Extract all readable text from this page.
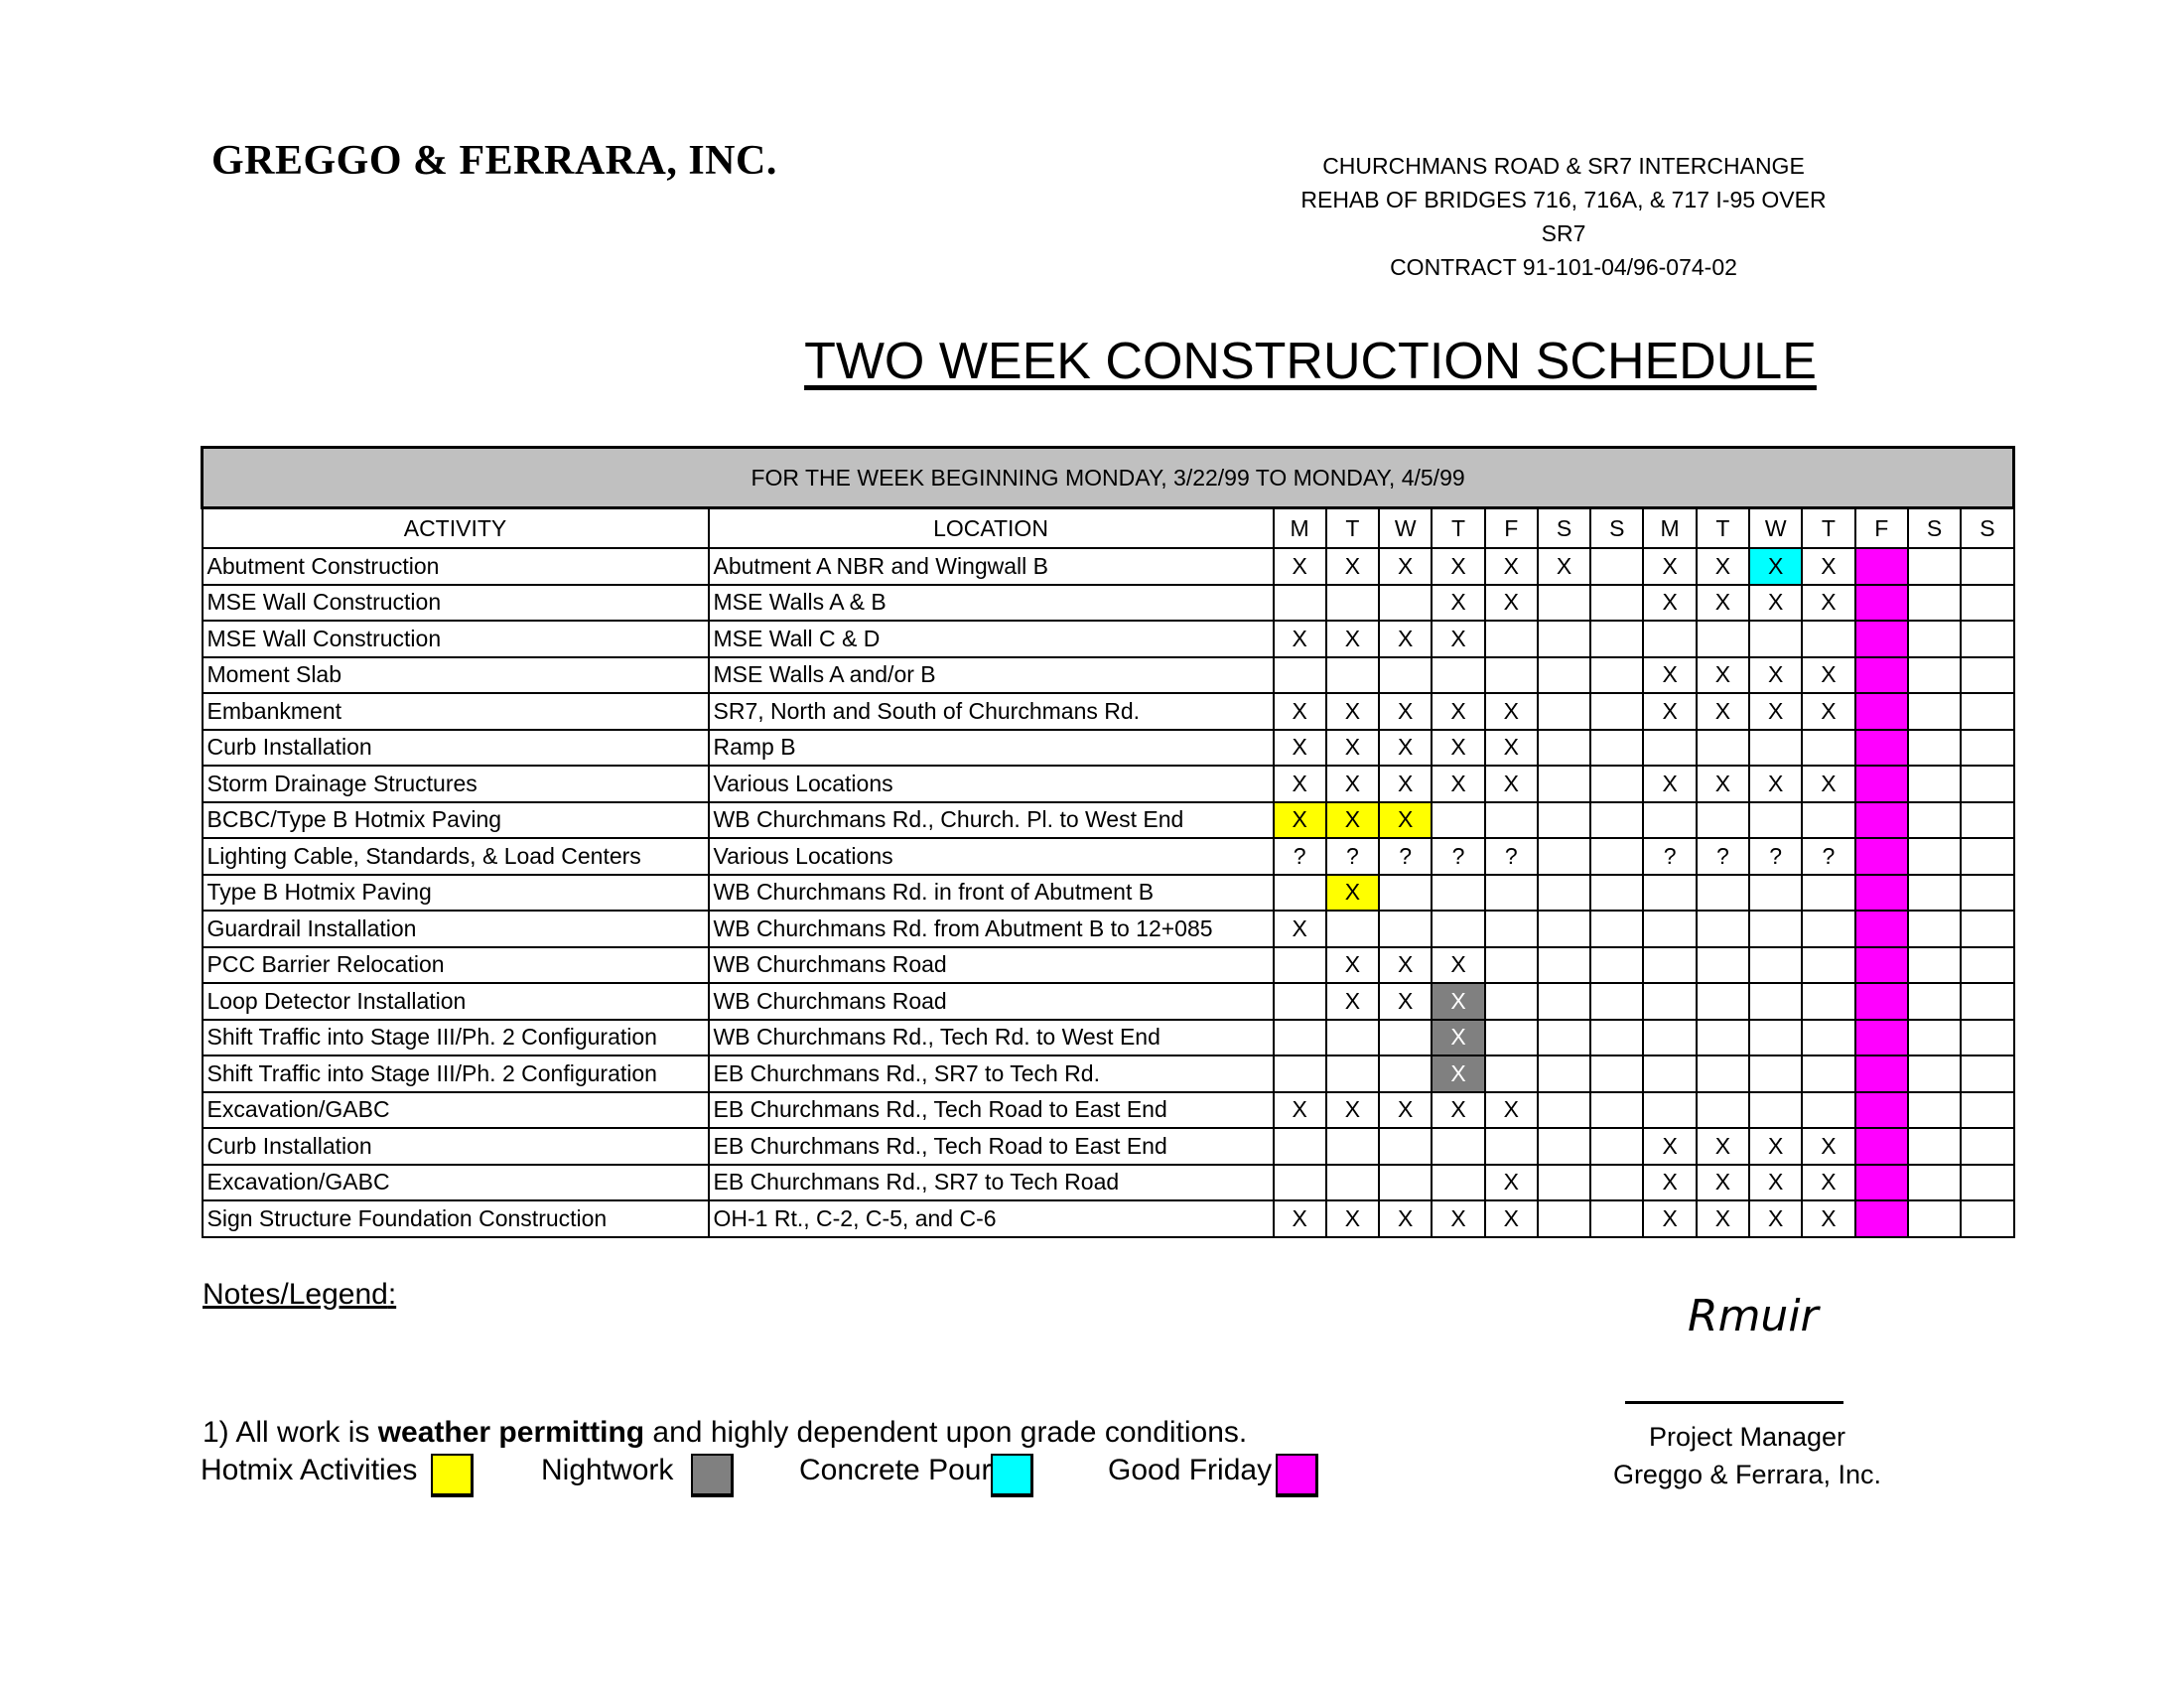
GREGGO & FERRARA, INC.	CHURCHMANS ROAD & SR7 INTERCHANGE
REHAB OF BRIDGES 716, 716A, & 717 I-95 OVER SR7
CONTRACT 91-101-04/96-074-02
TWO WEEK CONSTRUCTION SCHEDULE
FOR THE WEEK BEGINNING MONDAY, 3/22/99 TO MONDAY, 4/5/99															
ACTIVITY	LOCATION	M	T	W	T	F	S	S	M	T	W	T	F	S	S
Abutment Construction	Abutment A NBR and Wingwall B	X	X	X	X	X	X		X	X	X	X			
MSE Wall Construction	MSE Walls A & B				X	X			X	X	X	X			
MSE Wall Construction	MSE Wall C & D	X	X	X	X										
Moment Slab	MSE Walls A and/or B								X	X	X	X			
Embankment	SR7, North and South of Churchmans Rd.	X	X	X	X	X			X	X	X	X			
Curb Installation	Ramp B	X	X	X	X	X									
Storm Drainage Structures	Various Locations	X	X	X	X	X			X	X	X	X			
BCBC/Type B Hotmix Paving	WB Churchmans Rd., Church. Pl. to West End	X	X	X											
Lighting Cable, Standards, & Load Centers	Various Locations	?	?	?	?	?			?	?	?	?			
Type B Hotmix Paving	WB Churchmans Rd. in front of Abutment B		X												
Guardrail Installation	WB Churchmans Rd. from Abutment B to 12+085	X													
PCC Barrier Relocation	WB Churchmans Road		X	X	X										
Loop Detector Installation	WB Churchmans Road		X	X	X										
Shift Traffic into Stage III/Ph. 2 Configuration	WB Churchmans Rd., Tech Rd. to West End				X										
Shift Traffic into Stage III/Ph. 2 Configuration	EB Churchmans Rd., SR7 to Tech Rd.				X										
Excavation/GABC	EB Churchmans Rd., Tech Road to East End	X	X	X	X	X									
Curb Installation	EB Churchmans Rd., Tech Road to East End								X	X	X	X			
Excavation/GABC	EB Churchmans Rd., SR7 to Tech Road					X			X	X	X	X			
Sign Structure Foundation Construction	OH-1 Rt., C-2, C-5, and C-6	X	X	X	X	X			X	X	X	X			
Notes/Legend:	Rmuir
Project Manager
Greggo & Ferrara, Inc.
1) All work is weather permitting and highly dependent upon grade conditions.
Hotmix Activities	Nightwork	Concrete Pour	Good Friday
